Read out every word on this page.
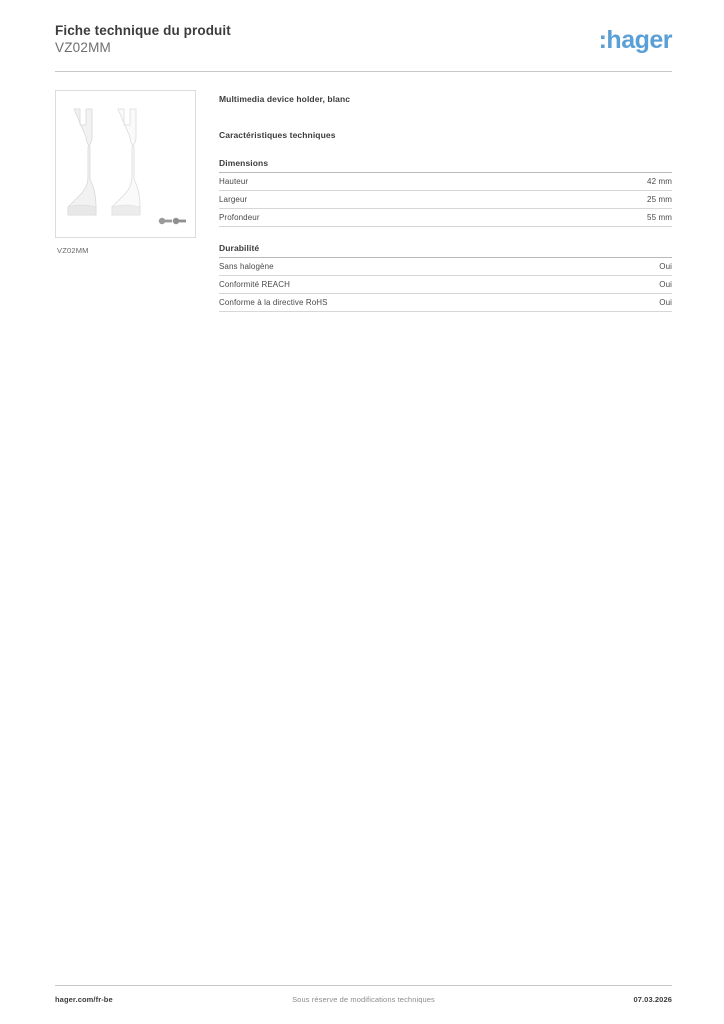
Fiche technique du produit
VZ02MM	:hager
VZ02MM
Multimedia device holder, blanc
Caractéristiques techniques
Dimensions
Hauteur	42 mm
Largeur	25 mm
Profondeur	55 mm
Durabilité
Sans halogène	Oui
Conformité REACH	Oui
Conforme à la directive RoHS	Oui
hager.com/fr-be	Sous réserve de modifications techniques	07.03.2026
